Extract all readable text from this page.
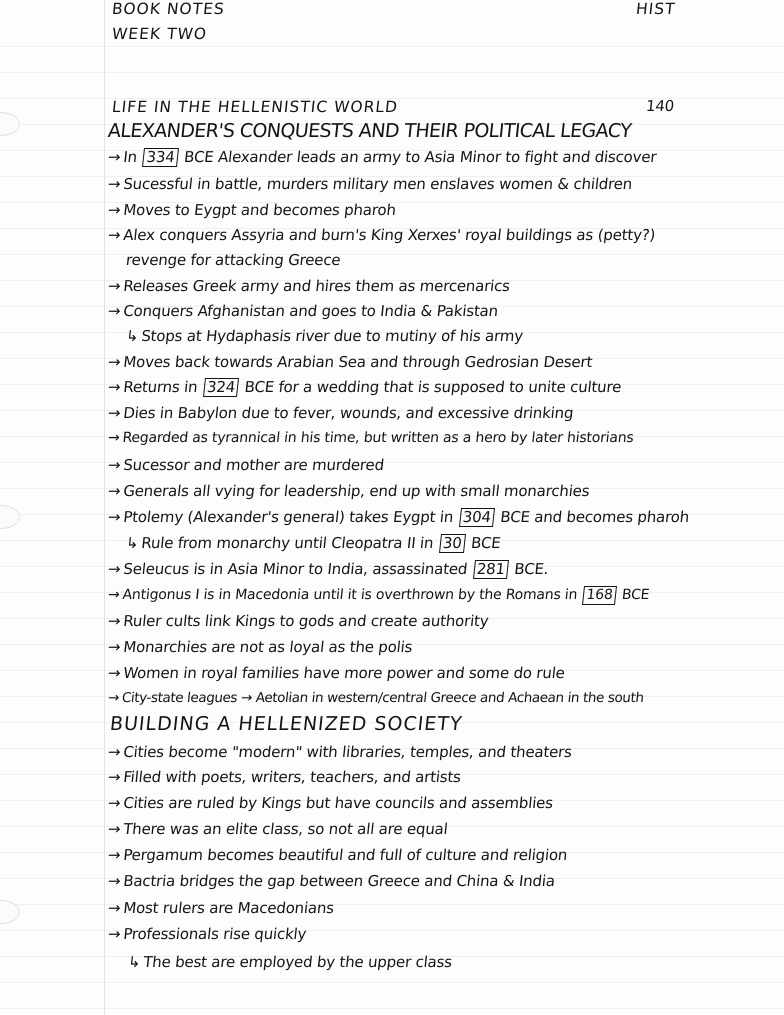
BOOK NOTES
WEEK TWO
HIST
LIFE IN THE HELLENISTIC WORLD	140
ALEXANDER'S CONQUESTS AND THEIR POLITICAL LEGACY
→In 334 BCE Alexander leads an army to Asia Minor to fight and discover
→Sucessful in battle, murders military men enslaves women & children
→Moves to Eygpt and becomes pharoh
→Alex conquers Assyria and burn's King Xerxes' royal buildings as (petty?)
revenge for attacking Greece
→Releases Greek army and hires them as mercenarics
→Conquers Afghanistan and goes to India & Pakistan
↳Stops at Hydaphasis river due to mutiny of his army
→Moves back towards Arabian Sea and through Gedrosian Desert
→Returns in 324 BCE for a wedding that is supposed to unite culture
→Dies in Babylon due to fever, wounds, and excessive drinking
→Regarded as tyrannical in his time, but written as a hero by later historians
→Sucessor and mother are murdered
→Generals all vying for leadership, end up with small monarchies
→Ptolemy (Alexander's general) takes Eygpt in 304 BCE and becomes pharoh
↳Rule from monarchy until Cleopatra II in 30 BCE
→Seleucus is in Asia Minor to India, assassinated 281 BCE.
→Antigonus I is in Macedonia until it is overthrown by the Romans in 168 BCE
→Ruler cults link Kings to gods and create authority
→Monarchies are not as loyal as the polis
→Women in royal families have more power and some do rule
→City-state leagues → Aetolian in western/central Greece and Achaean in the south
BUILDING A HELLENIZED SOCIETY
→Cities become "modern" with libraries, temples, and theaters
→Filled with poets, writers, teachers, and artists
→Cities are ruled by Kings but have councils and assemblies
→There was an elite class, so not all are equal
→Pergamum becomes beautiful and full of culture and religion
→Bactria bridges the gap between Greece and China & India
→Most rulers are Macedonians
→Professionals rise quickly
↳The best are employed by the upper class
